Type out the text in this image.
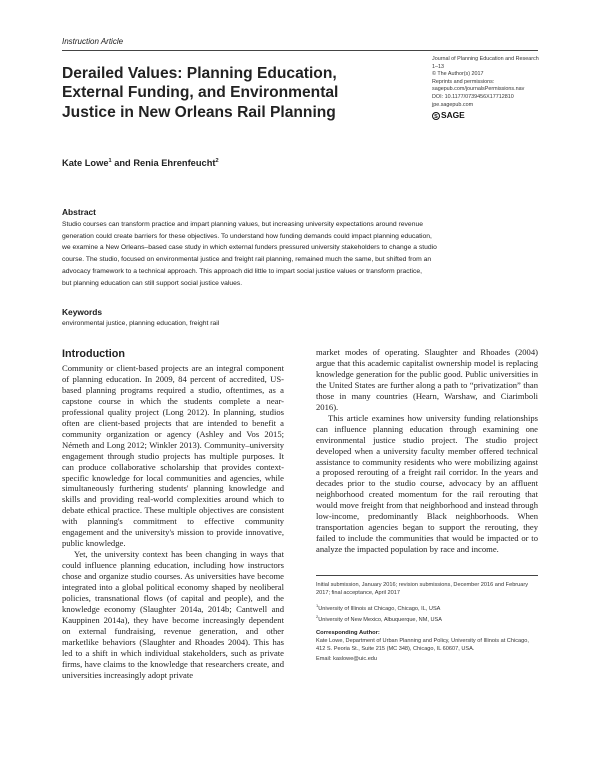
Instruction Article
Derailed Values: Planning Education,
External Funding, and Environmental
Justice in New Orleans Rail Planning
Journal of Planning Education and Research
1–13
© The Author(s) 2017
Reprints and permissions:
sagepub.com/journalsPermissions.nav
DOI: 10.1177/0739456X17712810
jpe.sagepub.com
S SAGE
Kate Lowe$^1$ and Renia Ehrenfeucht$^2$
Abstract
Studio courses can transform practice and impart planning values, but increasing university expectations around revenue
generation could create barriers for these objectives. To understand how funding demands could impact planning education,
we examine a New Orleans–based case study in which external funders pressured university stakeholders to change a studio
course. The studio, focused on environmental justice and freight rail planning, remained much the same, but shifted from an
advocacy framework to a technical approach. This approach did little to impart social justice values or transform practice,
but planning education can still support social justice values.
Keywords
environmental justice, planning education, freight rail
Introduction

Community or client-based projects are an integral component of planning education. In 2009, 84 percent of accredited, US-based planning programs required a studio, oftentimes, as a capstone course in which the students complete a near-professional quality project (Long 2012). In planning, studios often are client-based projects that are intended to benefit a community organization or agency (Ashley and Vos 2015; Németh and Long 2012; Winkler 2013). Community–university engagement through studio projects has multiple purposes. It can produce collaborative scholarship that provides context-specific knowledge for local communities and agencies, while simultaneously furthering students' planning knowledge and skills and providing real-world complexities around which to debate ethical practice. These multiple objectives are consistent with planning's commitment to effective community engagement and the university's mission to provide innovative, public knowledge.

Yet, the university context has been changing in ways that could influence planning education, including how instructors chose and organize studio courses. As universities have become integrated into a global political economy shaped by neoliberal policies, transnational flows (of capital and people), and the knowledge economy (Slaughter 2014a, 2014b; Cantwell and Kauppinen 2014a), they have become increasingly dependent on external fundraising, revenue generation, and other marketlike behaviors (Slaughter and Rhoades 2004). This has led to a shift in which individual stakeholders, such as private firms, have claims to the knowledge that researchers create, and universities increasingly adopt private

market modes of operating. Slaughter and Rhoades (2004) argue that this academic capitalist ownership model is replacing knowledge generation for the public good. Public universities in the United States are further along a path to “privatization” than those in many countries (Hearn, Warshaw, and Ciarimboli 2016).

This article examines how university funding relationships can influence planning education through examining one environmental justice studio project. The studio project developed when a university faculty member offered technical assistance to community residents who were mobilizing against a proposed rerouting of a freight rail corridor. In the years and decades prior to the studio course, advocacy by an affluent neighborhood created momentum for the rail rerouting that would move freight from that neighborhood and instead through low-income, predominantly Black neighborhoods. When transportation agencies began to support the rerouting, they failed to include the communities that would be impacted or to analyze the impacted population by race and income.

Initial submission, January 2016; revision submissions, December 2016 and February 2017; final acceptance, April 2017

$^1$University of Illinois at Chicago, Chicago, IL, USA

$^2$University of New Mexico, Albuquerque, NM, USA

Corresponding Author:

Kate Lowe, Department of Urban Planning and Policy, University of Illinois at Chicago, 412 S. Peoria St., Suite 215 (MC 348), Chicago, IL 60607, USA.

Email: kaslowe@uic.edu
